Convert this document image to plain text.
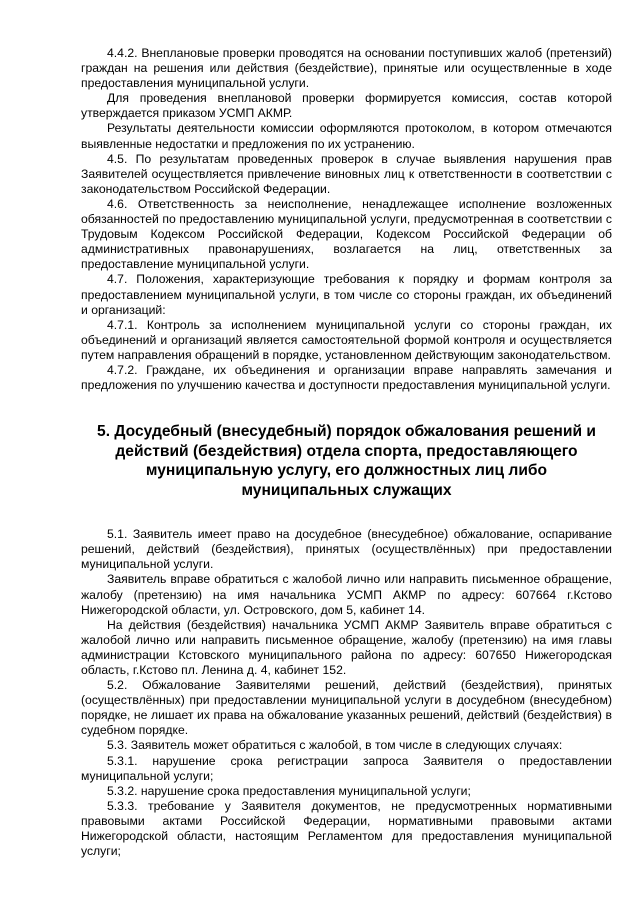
4.4.2. Внеплановые проверки проводятся на основании поступивших жалоб (претензий) граждан на решения или действия (бездействие), принятые или осуществленные в ходе предоставления муниципальной услуги.

Для проведения внеплановой проверки формируется комиссия, состав которой утверждается приказом УСМП АКМР.

Результаты деятельности комиссии оформляются протоколом, в котором отмечаются выявленные недостатки и предложения по их устранению.

4.5. По результатам проведенных проверок в случае выявления нарушения прав Заявителей осуществляется привлечение виновных лиц к ответственности в соответствии с законодательством Российской Федерации.

4.6. Ответственность за неисполнение, ненадлежащее исполнение возложенных обязанностей по предоставлению муниципальной услуги, предусмотренная в соответствии с Трудовым Кодексом Российской Федерации, Кодексом Российской Федерации об административных правонарушениях, возлагается на лиц, ответственных за предоставление муниципальной услуги.

4.7. Положения, характеризующие требования к порядку и формам контроля за предоставлением муниципальной услуги, в том числе со стороны граждан, их объединений и организаций:

4.7.1. Контроль за исполнением муниципальной услуги со стороны граждан, их объединений и организаций является самостоятельной формой контроля и осуществляется путем направления обращений в порядке, установленном действующим законодательством.

4.7.2. Граждане, их объединения и организации вправе направлять замечания и предложения по улучшению качества и доступности предоставления муниципальной услуги.

5. Досудебный (внесудебный) порядок обжалования решений и действий (бездействия) отдела спорта, предоставляющего муниципальную услугу, его должностных лиц либо муниципальных служащих

5.1. Заявитель имеет право на досудебное (внесудебное) обжалование, оспаривание решений, действий (бездействия), принятых (осуществлённых) при предоставлении муниципальной услуги.

Заявитель вправе обратиться с жалобой лично или направить письменное обращение, жалобу (претензию) на имя начальника УСМП АКМР по адресу: 607664 г.Кстово Нижегородской области, ул. Островского, дом 5, кабинет 14.

На действия (бездействия) начальника УСМП АКМР Заявитель вправе обратиться с жалобой лично или направить письменное обращение, жалобу (претензию) на имя главы администрации Кстовского муниципального района по адресу: 607650 Нижегородская область, г.Кстово пл. Ленина д. 4, кабинет 152.

5.2. Обжалование Заявителями решений, действий (бездействия), принятых (осуществлённых) при предоставлении муниципальной услуги в досудебном (внесудебном) порядке, не лишает их права на обжалование указанных решений, действий (бездействия) в судебном порядке.

5.3. Заявитель может обратиться с жалобой, в том числе в следующих случаях:

5.3.1. нарушение срока регистрации запроса Заявителя о предоставлении муниципальной услуги;

5.3.2. нарушение срока предоставления муниципальной услуги;

5.3.3. требование у Заявителя документов, не предусмотренных нормативными правовыми актами Российской Федерации, нормативными правовыми актами Нижегородской области, настоящим Регламентом для предоставления муниципальной услуги;
